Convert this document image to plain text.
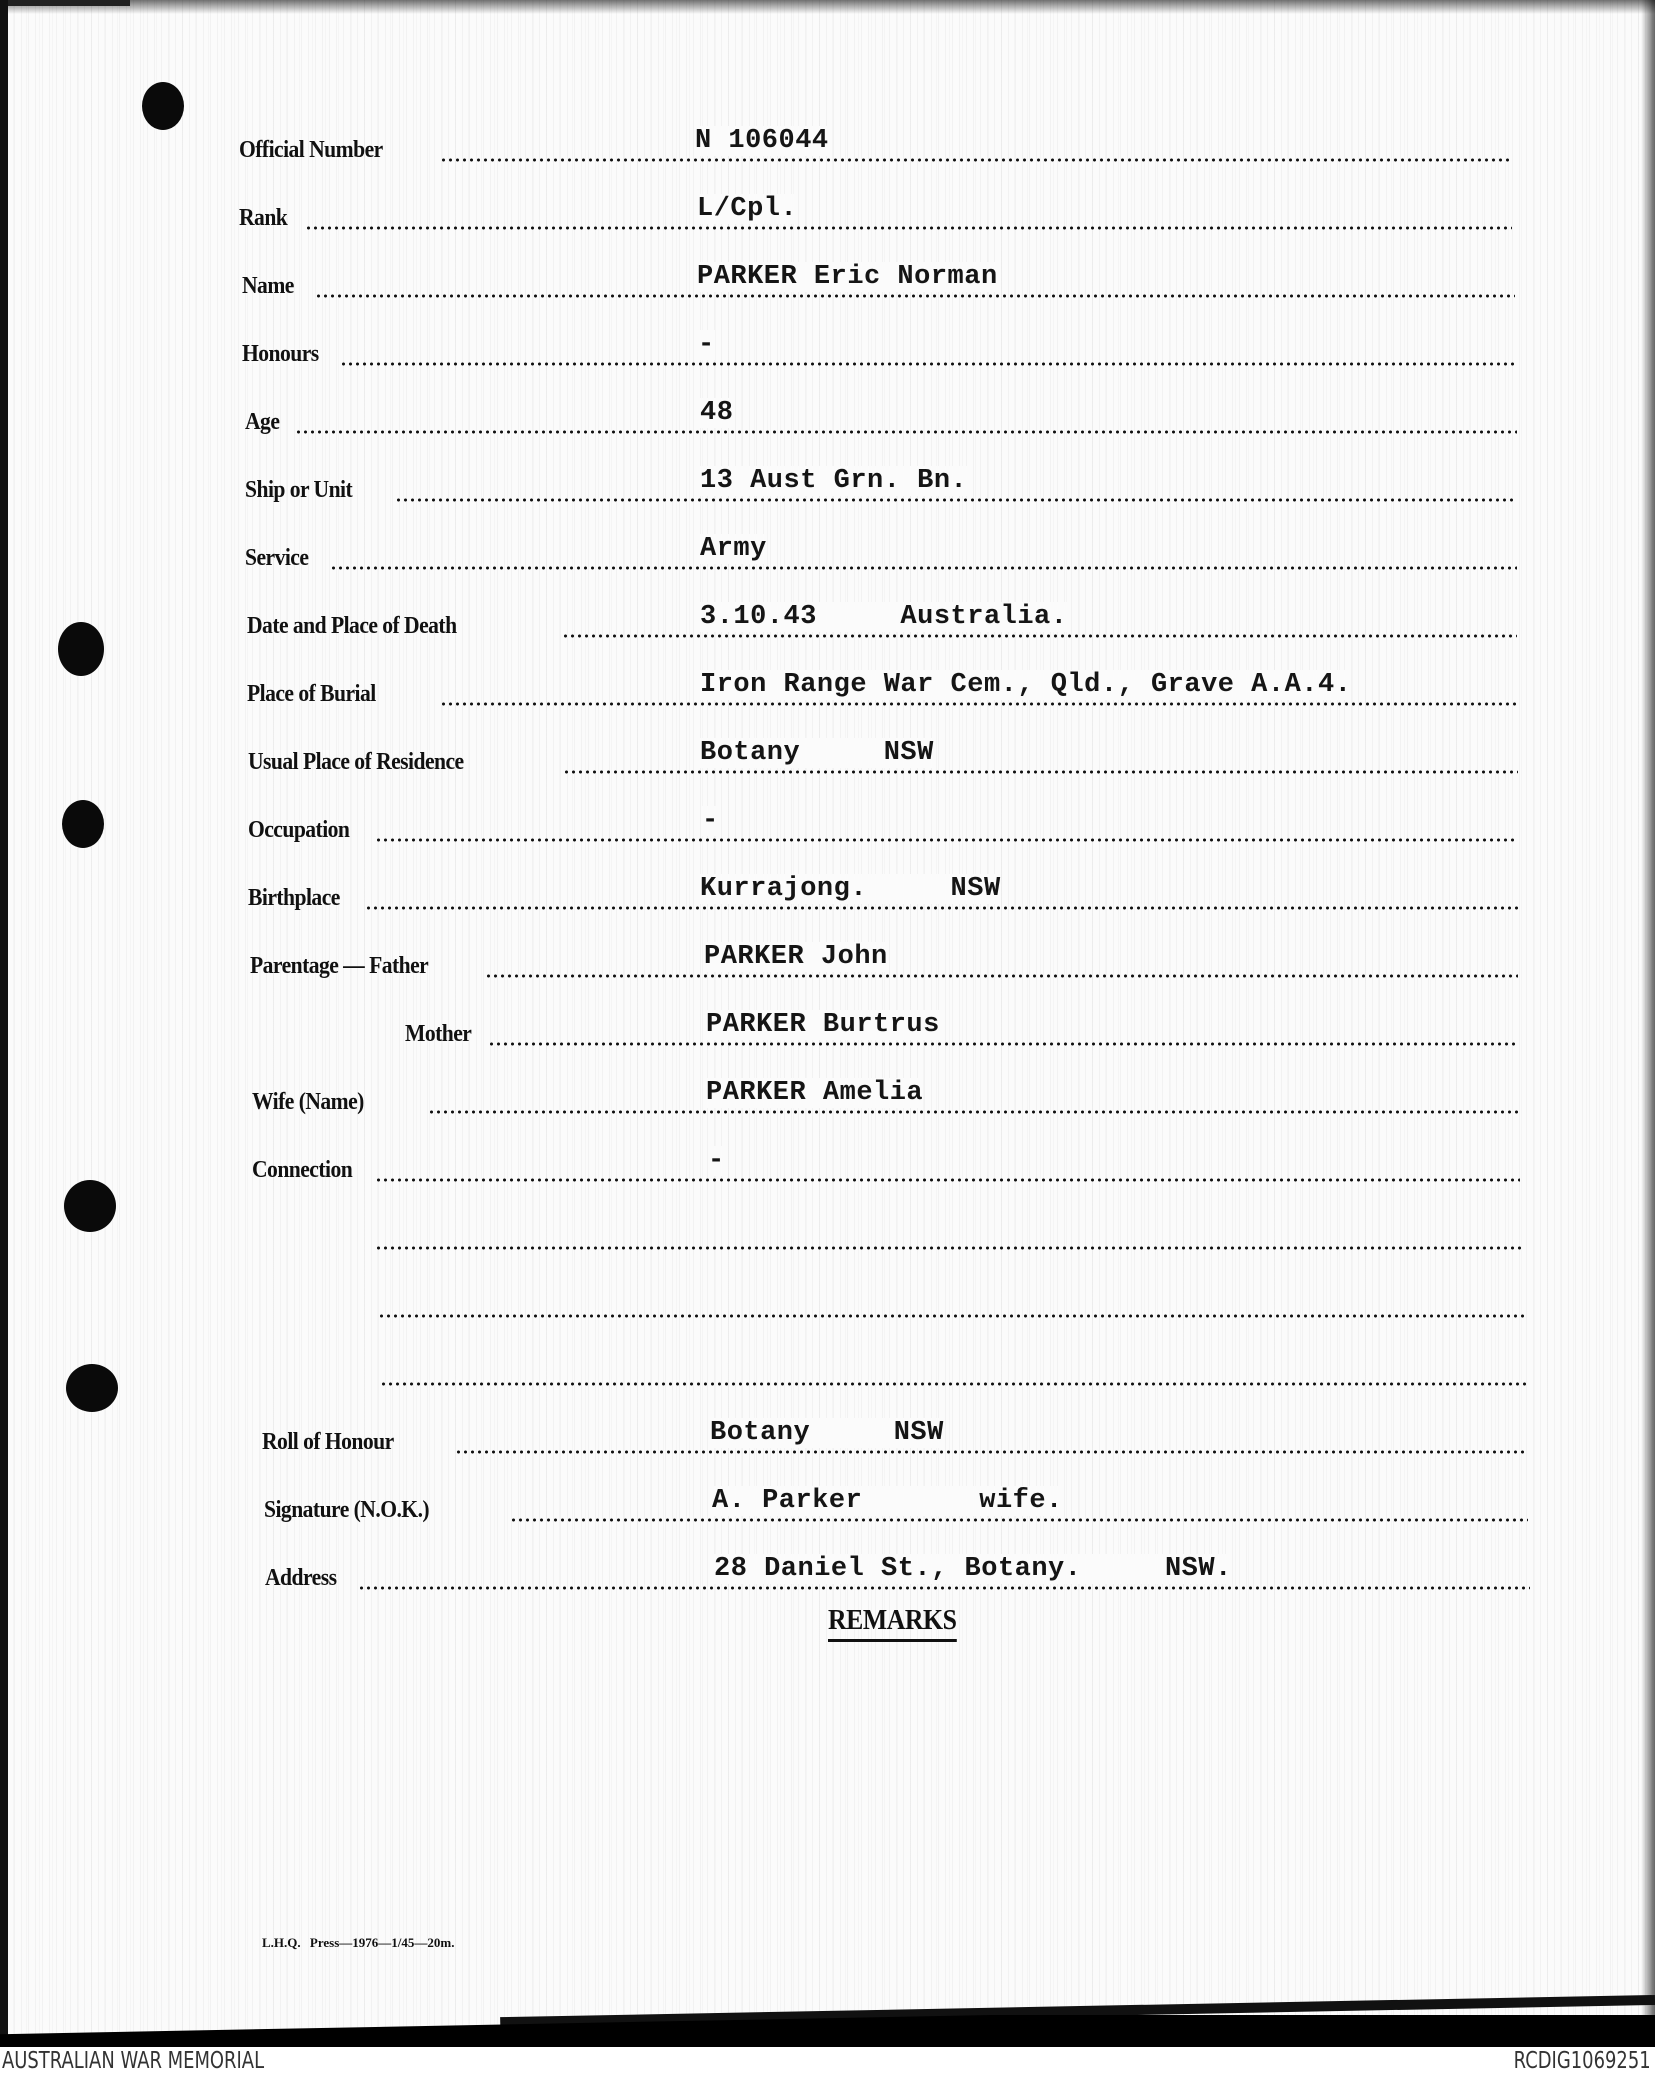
Official Number	N 106044
Rank	L/Cpl.
Name	PARKER Eric Norman
Honours	-
Age	48
Ship or Unit	13 Aust Grn. Bn.
Service	Army
Date and Place of Death	3.10.43     Australia.
Place of Burial	Iron Range War Cem., Qld., Grave A.A.4.
Usual Place of Residence	Botany     NSW
Occupation	-
Birthplace	Kurrajong.     NSW
Parentage — Father	PARKER John
Mother	PARKER Burtrus
Wife (Name)	PARKER Amelia
Connection	-
Roll of Honour	Botany     NSW
Signature (N.O.K.)	A. Parker       wife.
Address	28 Daniel St., Botany.     NSW.
REMARKS
L.H.Q. Press—1976—1/45—20m.
AUSTRALIAN WAR MEMORIAL	RCDIG1069251
